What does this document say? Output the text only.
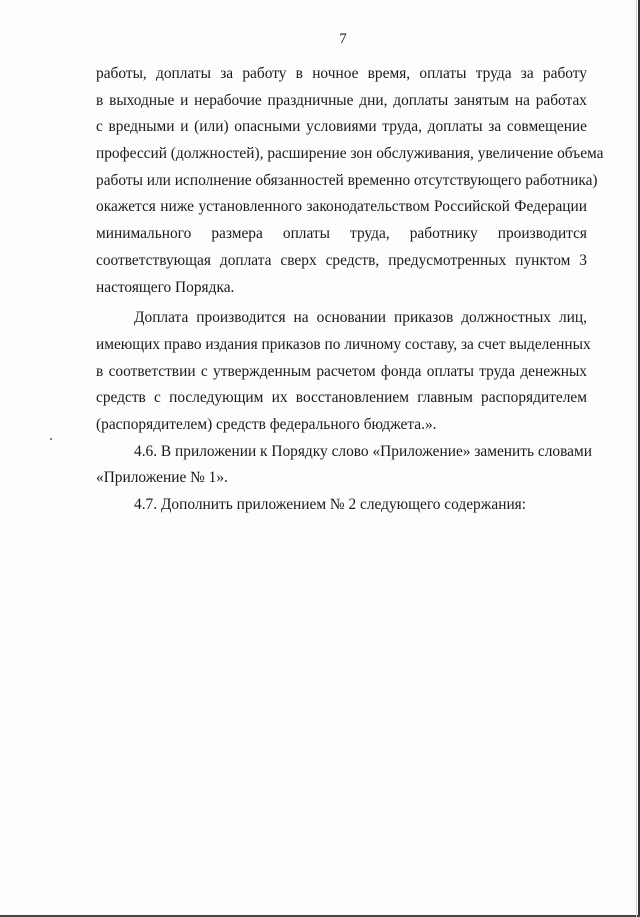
7

работы, доплаты за работу в ночное время, оплаты труда за работу
в выходные и нерабочие праздничные дни, доплаты занятым на работах
с вредными и (или) опасными условиями труда, доплаты за совмещение
профессий (должностей), расширение зон обслуживания, увеличение объема
работы или исполнение обязанностей временно отсутствующего работника)
окажется ниже установленного законодательством Российской Федерации
минимального размера оплаты труда, работнику производится
соответствующая доплата сверх средств, предусмотренных пунктом 3
настоящего Порядка.

Доплата производится на основании приказов должностных лиц,
имеющих право издания приказов по личному составу, за счет выделенных
в соответствии с утвержденным расчетом фонда оплаты труда денежных
средств с последующим их восстановлением главным распорядителем
(распорядителем) средств федерального бюджета.».

4.6. В приложении к Порядку слово «Приложение» заменить словами
«Приложение № 1».

4.7. Дополнить приложением № 2 следующего содержания:
